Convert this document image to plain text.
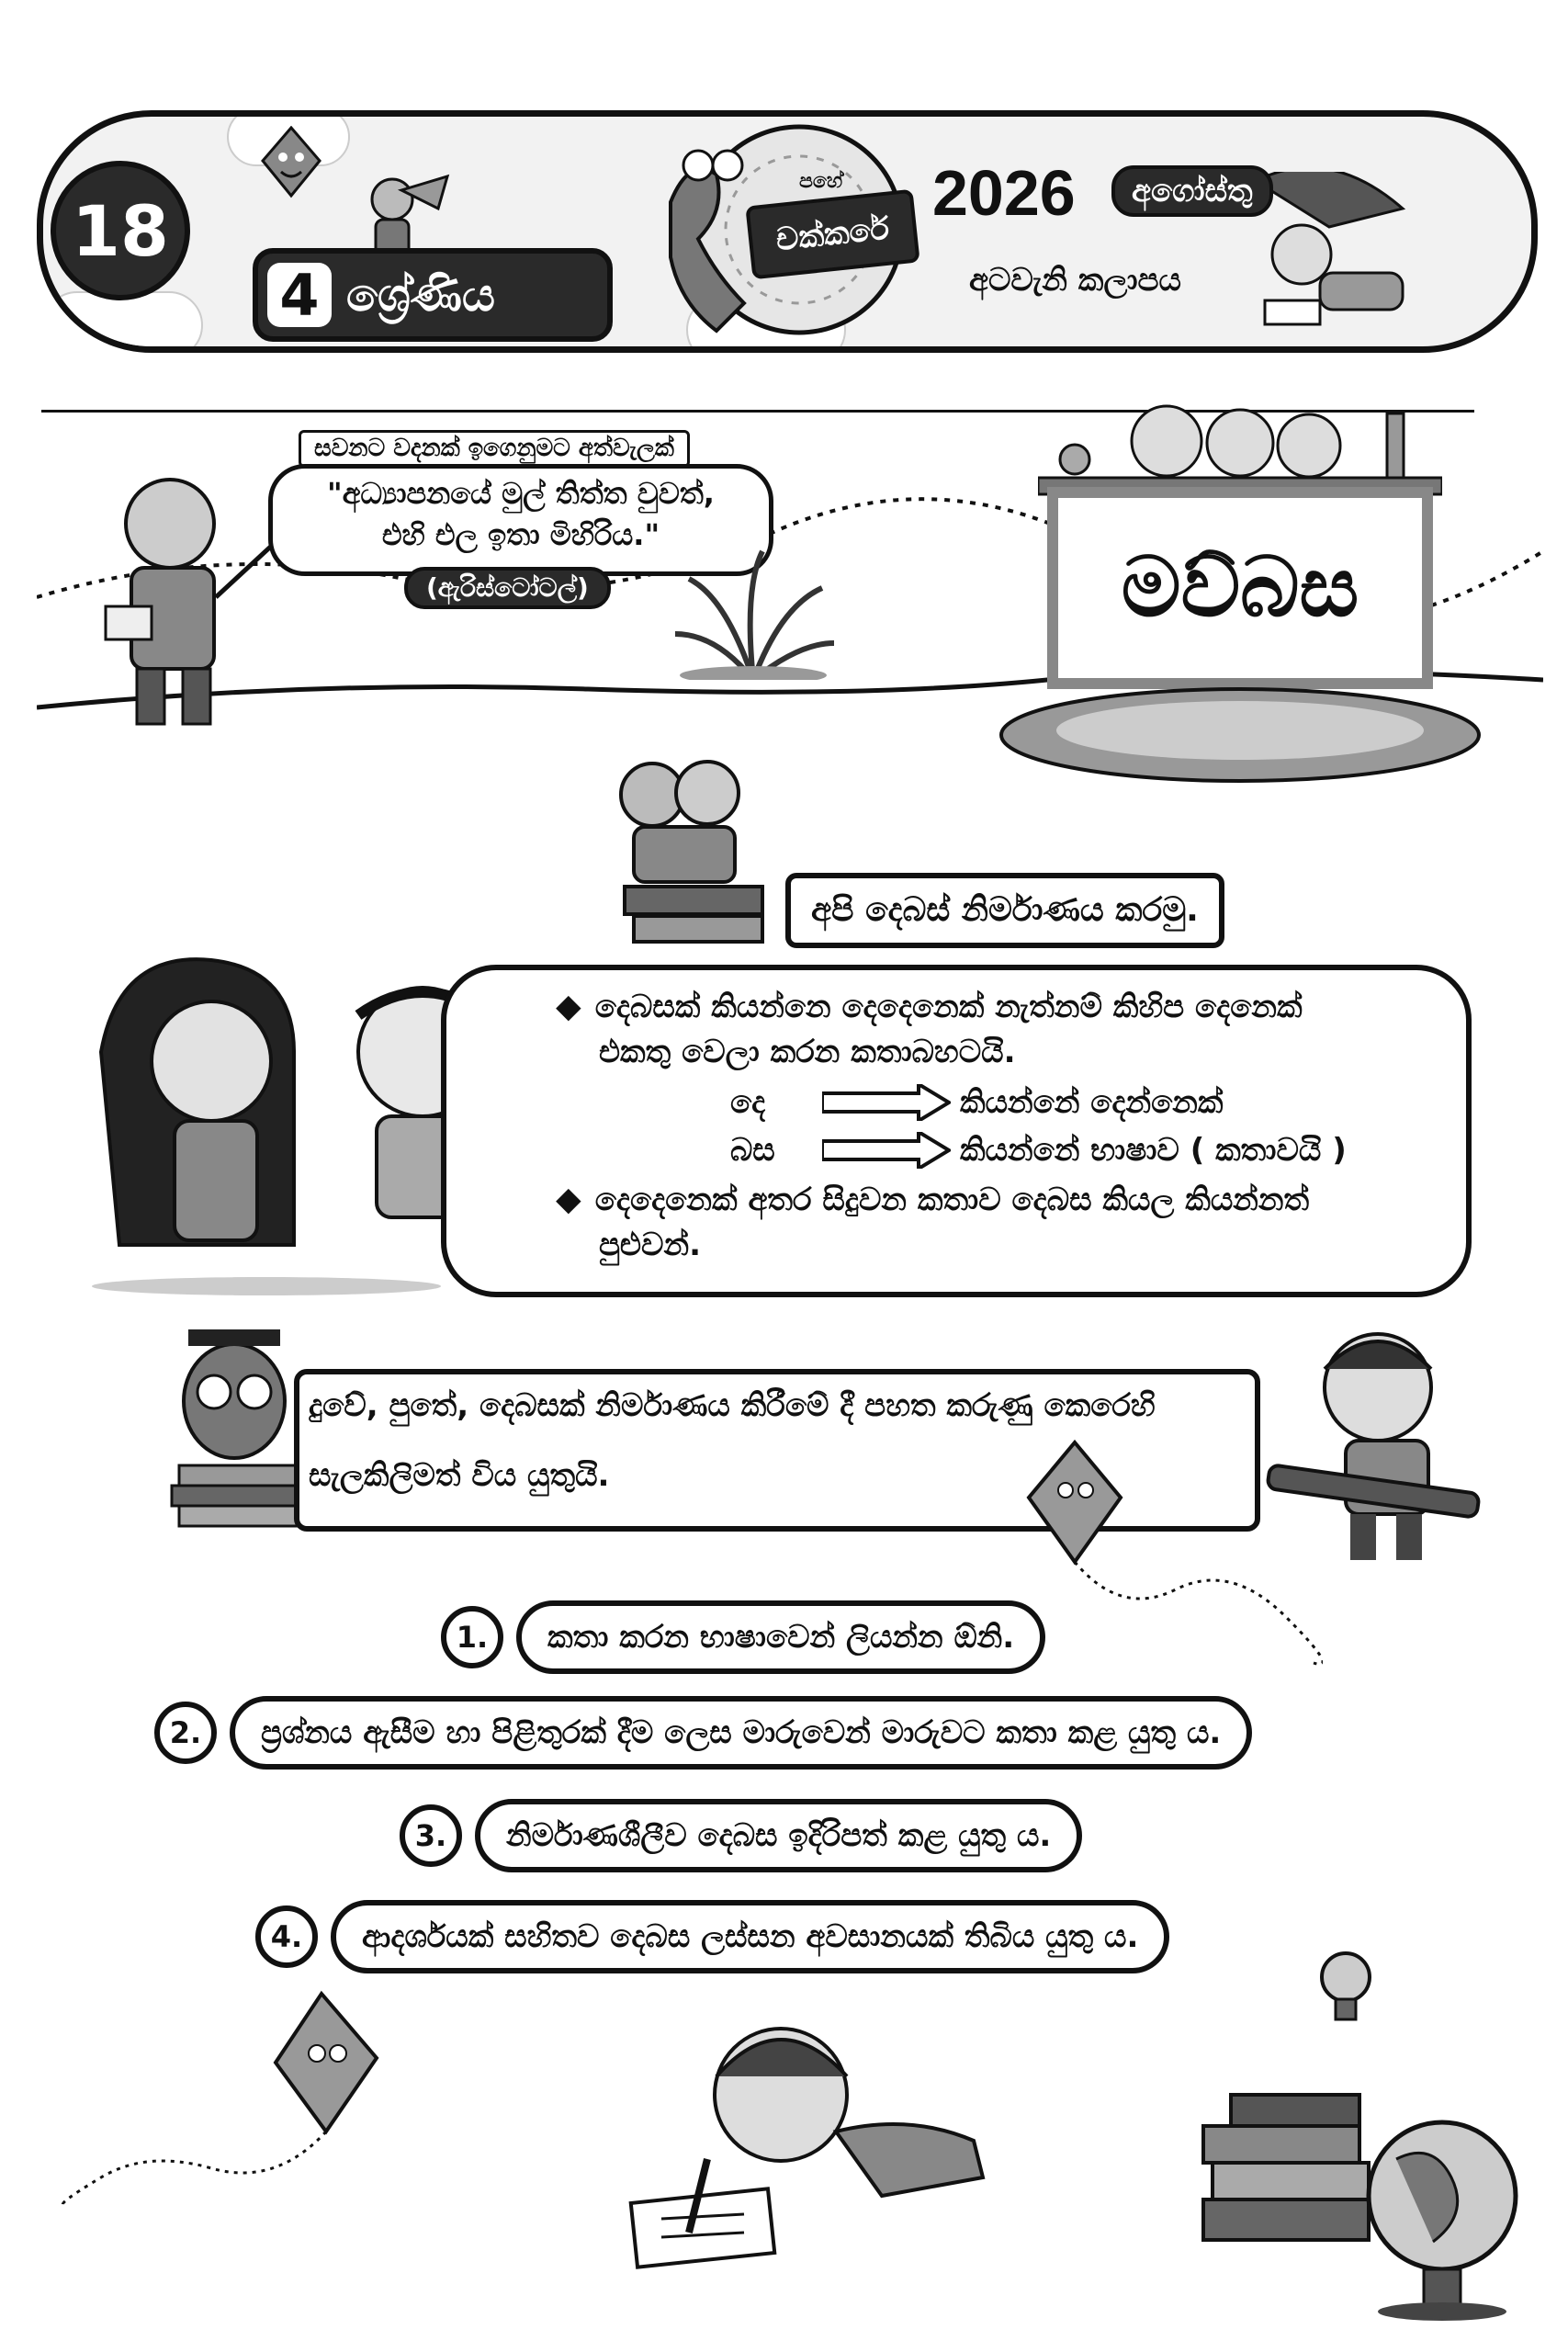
18
4 ශ්‍රේණිය
පහේ
චක්කරේ
2026	අගෝස්තු
අටවැනි කලාපය
සවනට වදනක් ඉගෙනුමට අත්වැලක්
"අධ්‍යාපනයේ මුල් තිත්ත වුවත්,
එහි එල ඉතා මිහිරිය."
(ඇරිස්ටෝටල්)	මව්බස
අපි දෙබස් නිර්මාණය කරමු.
◆ දෙබසක් කියන්නෙ දෙදෙනෙක් නැත්නම් කිහිප දෙනෙක්
එකතු වෙලා කරන කතාබහටයි.
දෙ	කියන්නේ දෙන්නෙක්
බස	කියන්නේ භාෂාව ( කතාවයි )
◆ දෙදෙනෙක් අතර සිදුවන කතාව දෙබස කියල කියන්නත්
පුළුවන්.
දුවේ, පුතේ, දෙබසක් නිර්මාණය කිරීමේ දී පහත කරුණු කෙරෙහි
සැලකිලිමත් විය යුතුයි.
1.	කතා කරන භාෂාවෙන් ලියන්න ඕනි.
2.	ප්‍රශ්නය ඇසීම හා පිළිතුරක් දීම ලෙස මාරුවෙන් මාරුවට කතා කළ යුතු ය.
3.	නිර්මාණශීලීව දෙබස ඉදිරිපත් කළ යුතු ය.
4.	ආදර්ශයක් සහිතව දෙබස ලස්සන අවසානයක් තිබිය යුතු ය.
